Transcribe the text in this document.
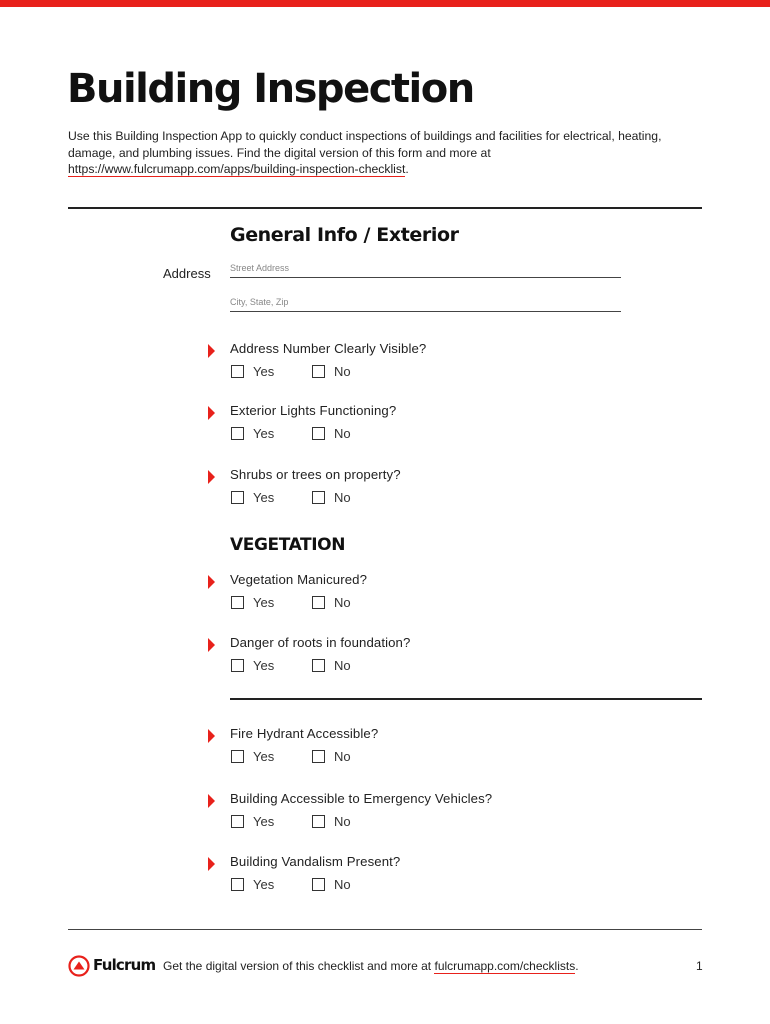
Building Inspection

Use this Building Inspection App to quickly conduct inspections of buildings and facilities for electrical, heating, damage, and plumbing issues. Find the digital version of this form and more at https://www.fulcrumapp.com/apps/building-inspection-checklist.

General Info / Exterior
Address Street Address
City, State, Zip
Address Number Clearly Visible?
Yes	No
Exterior Lights Functioning?
Yes	No
Shrubs or trees on property?
Yes	No
VEGETATION
Vegetation Manicured?
Yes	No
Danger of roots in foundation?
Yes	No
Fire Hydrant Accessible?
Yes	No
Building Accessible to Emergency Vehicles?
Yes	No
Building Vandalism Present?
Yes	No
Fulcrum Get the digital version of this checklist and more at fulcrumapp.com/checklists.	1
